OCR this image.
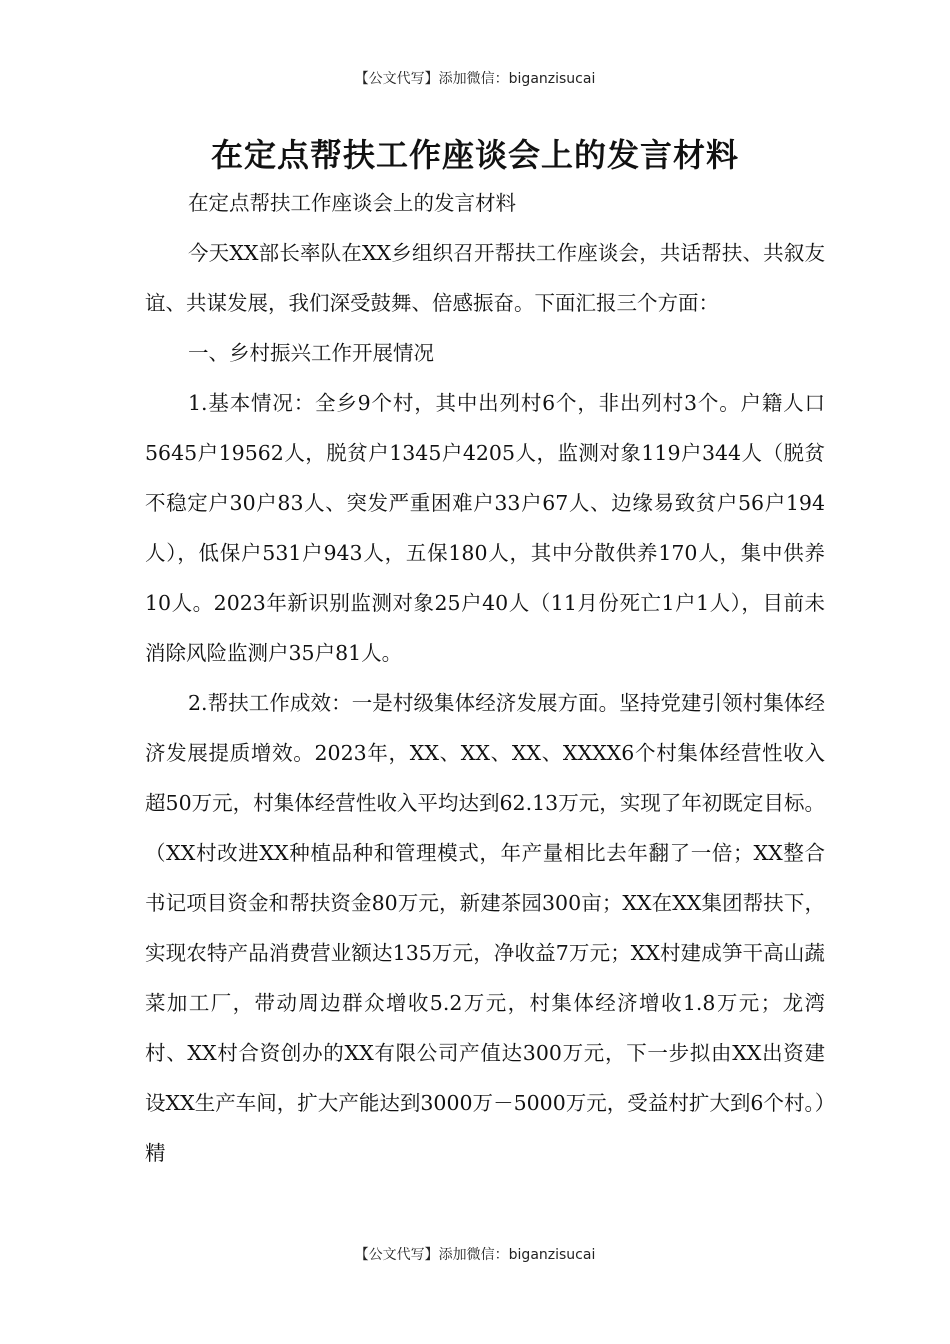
【公文代写】添加微信：biganzisucai
在定点帮扶工作座谈会上的发言材料

在定点帮扶工作座谈会上的发言材料

今天XX部长率队在XX乡组织召开帮扶工作座谈会，共话帮扶、共叙友谊、共谋发展，我们深受鼓舞、倍感振奋。下面汇报三个方面：

一、乡村振兴工作开展情况

1.基本情况：全乡9个村，其中出列村6个，非出列村3个。户籍人口5645户19562人，脱贫户1345户4205人，监测对象119户344人（脱贫不稳定户30户83人、突发严重困难户33户67人、边缘易致贫户56户194人），低保户531户943人，五保180人，其中分散供养170人，集中供养10人。2023年新识别监测对象25户40人（11月份死亡1户1人），目前未消除风险监测户35户81人。

2.帮扶工作成效：一是村级集体经济发展方面。坚持党建引领村集体经济发展提质增效。2023年，XX、XX、XX、XXXX6个村集体经营性收入超50万元，村集体经营性收入平均达到62.13万元，实现了年初既定目标。（XX村改进XX种植品种和管理模式，年产量相比去年翻了一倍；XX整合书记项目资金和帮扶资金80万元，新建茶园300亩；XX在XX集团帮扶下，实现农特产品消费营业额达135万元，净收益7万元；XX村建成笋干高山蔬菜加工厂，带动周边群众增收5.2万元，村集体经济增收1.8万元；龙湾村、XX村合资创办的XX有限公司产值达300万元，下一步拟由XX出资建设XX生产车间，扩大产能达到3000万－5000万元，受益村扩大到6个村。）精

【公文代写】添加微信：biganzisucai
